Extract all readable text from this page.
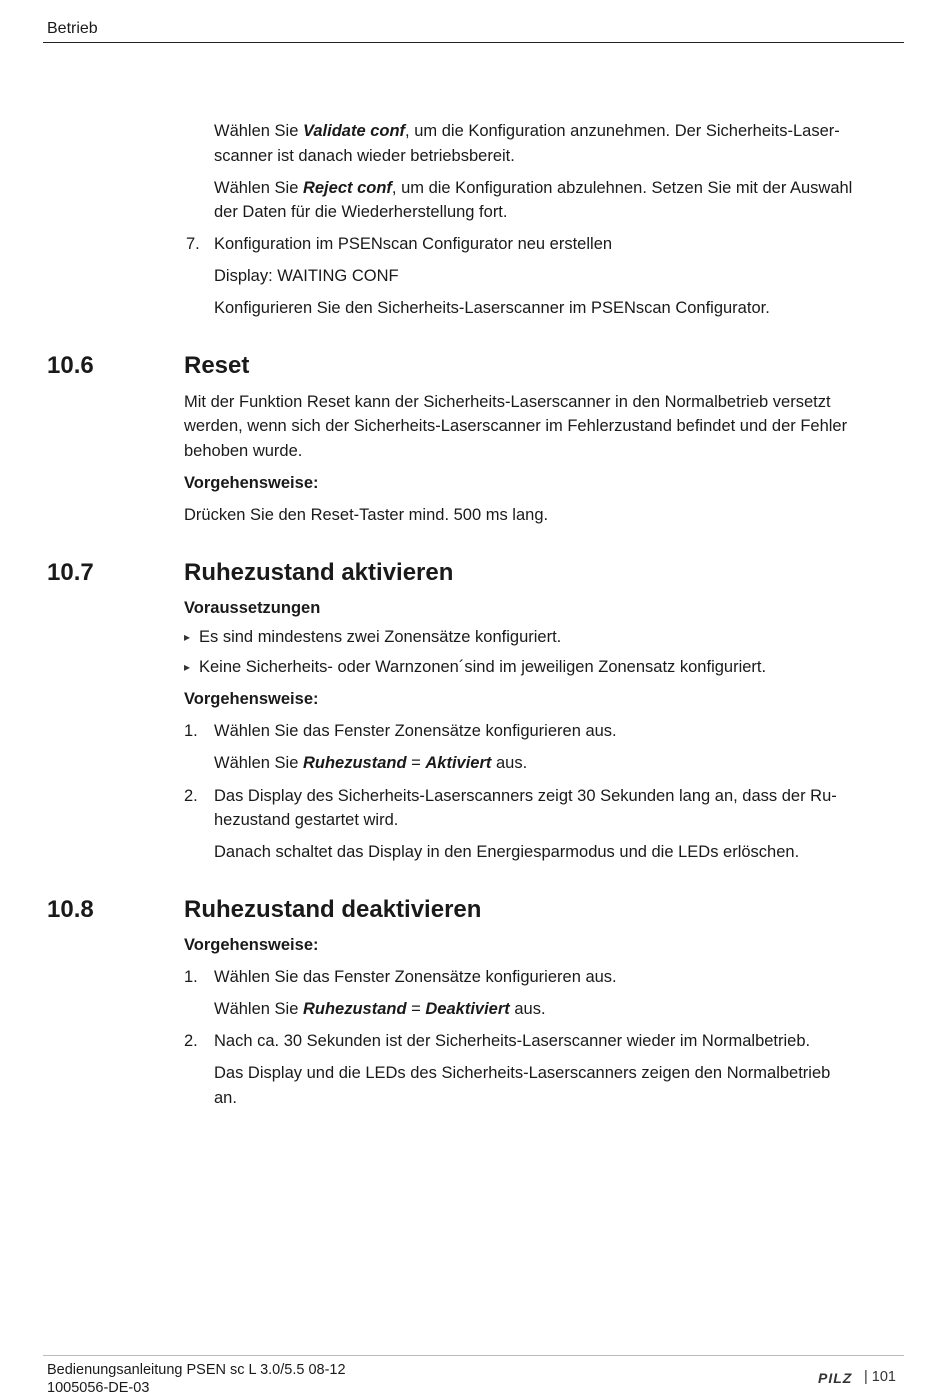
Betrieb
Wählen Sie Validate conf, um die Konfiguration anzunehmen. Der Sicherheits-Laser-
scanner ist danach wieder betriebsbereit.
Wählen Sie Reject conf, um die Konfiguration abzulehnen. Setzen Sie mit der Auswahl
der Daten für die Wiederherstellung fort.
7. Konfiguration im PSENscan Configurator neu erstellen
Display: WAITING CONF
Konfigurieren Sie den Sicherheits-Laserscanner im PSENscan Configurator.
10.6	Reset
Mit der Funktion Reset kann der Sicherheits-Laserscanner in den Normalbetrieb versetzt
werden, wenn sich der Sicherheits-Laserscanner im Fehlerzustand befindet und der Fehler
behoben wurde.
Vorgehensweise:
Drücken Sie den Reset-Taster mind. 500 ms lang.
10.7	Ruhezustand aktivieren
Voraussetzungen
▸ Es sind mindestens zwei Zonensätze konfiguriert.
▸ Keine Sicherheits- oder Warnzonen´sind im jeweiligen Zonensatz konfiguriert.
Vorgehensweise:
1. Wählen Sie das Fenster Zonensätze konfigurieren aus.
Wählen Sie Ruhezustand = Aktiviert aus.
2. Das Display des Sicherheits-Laserscanners zeigt 30 Sekunden lang an, dass der Ru-
hezustand gestartet wird.
Danach schaltet das Display in den Energiesparmodus und die LEDs erlöschen.
10.8	Ruhezustand deaktivieren
Vorgehensweise:
1. Wählen Sie das Fenster Zonensätze konfigurieren aus.
Wählen Sie Ruhezustand = Deaktiviert aus.
2. Nach ca. 30 Sekunden ist der Sicherheits-Laserscanner wieder im Normalbetrieb.
Das Display und die LEDs des Sicherheits-Laserscanners zeigen den Normalbetrieb
an.
Bedienungsanleitung PSEN sc L 3.0/5.5 08-12
1005056-DE-03
PILZ | 101
